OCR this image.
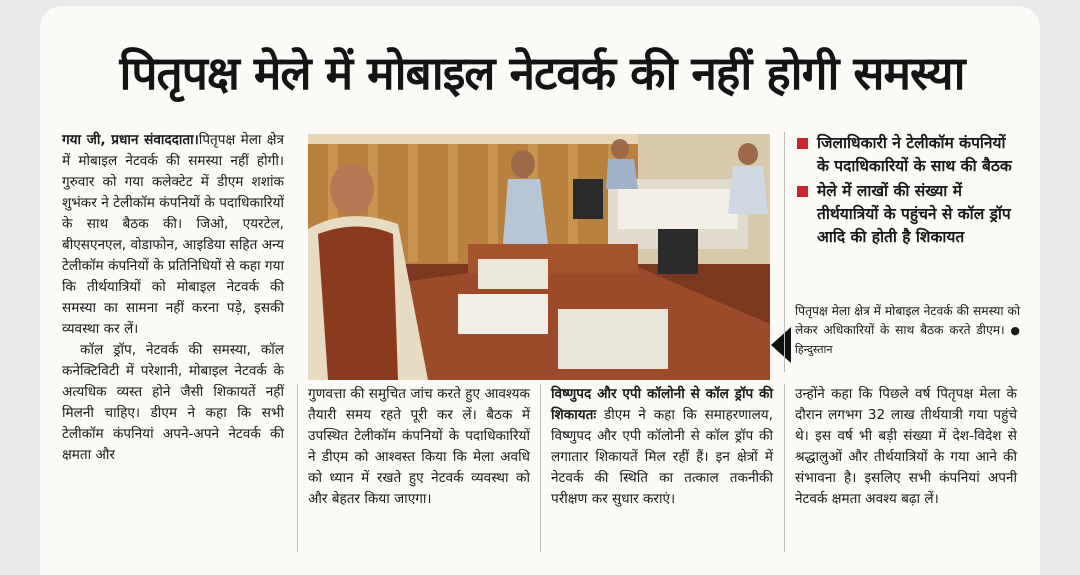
पितृपक्ष मेले में मोबाइल नेटवर्क की नहीं होगी समस्या

गया जी, प्रधान संवाददाता।पितृपक्ष मेला क्षेत्र में मोबाइल नेटवर्क की समस्या नहीं होगी। गुरुवार को गया कलेक्टेट में डीएम शशांक शुभंकर ने टेलीकॉम कंपनियों के पदाधिकारियों के साथ बैठक की। जिओ, एयरटेल, बीएसएनएल, वोडाफोन, आइडिया सहित अन्य टेलीकॉम कंपनियों के प्रतिनिधियों से कहा गया कि तीर्थयात्रियों को मोबाइल नेटवर्क की समस्या का सामना नहीं करना पड़े, इसकी व्यवस्था कर लें।

कॉल ड्रॉप, नेटवर्क की समस्या, कॉल कनेक्टिविटी में परेशानी, मोबाइल नेटवर्क के अत्यधिक व्यस्त होने जैसी शिकायतें नहीं मिलनी चाहिए। डीएम ने कहा कि सभी टेलीकॉम कंपनियां अपने-अपने नेटवर्क की क्षमता और

जिलाधिकारी ने टेलीकॉम कंपनियों के पदाधिकारियों के साथ की बैठक
मेले में लाखों की संख्या में तीर्थयात्रियों के पहुंचने से कॉल ड्रॉप आदि की होती है शिकायत
पितृपक्ष मेला क्षेत्र में मोबाइल नेटवर्क की समस्या को लेकर अधिकारियों के साथ बैठक करते डीएम। ● हिन्दुस्तान

गुणवत्ता की समुचित जांच करते हुए आवश्यक तैयारी समय रहते पूरी कर लें। बैठक में उपस्थित टेलीकॉम कंपनियों के पदाधिकारियों ने डीएम को आश्वस्त किया कि मेला अवधि को ध्यान में रखते हुए नेटवर्क व्यवस्था को और बेहतर किया जाएगा।

विष्णुपद और एपी कॉलोनी से कॉल ड्रॉप की शिकायतः डीएम ने कहा कि समाहरणालय, विष्णुपद और एपी कॉलोनी से कॉल ड्रॉप की लगातार शिकायतें मिल रहीं हैं। इन क्षेत्रों में नेटवर्क की स्थिति का तत्काल तकनीकी परीक्षण कर सुधार कराएं।

उन्होंने कहा कि पिछले वर्ष पितृपक्ष मेला के दौरान लगभग 32 लाख तीर्थयात्री गया पहुंचे थे। इस वर्ष भी बड़ी संख्या में देश-विदेश से श्रद्धालुओं और तीर्थयात्रियों के गया आने की संभावना है। इसलिए सभी कंपनियां अपनी नेटवर्क क्षमता अवश्य बढ़ा लें।
